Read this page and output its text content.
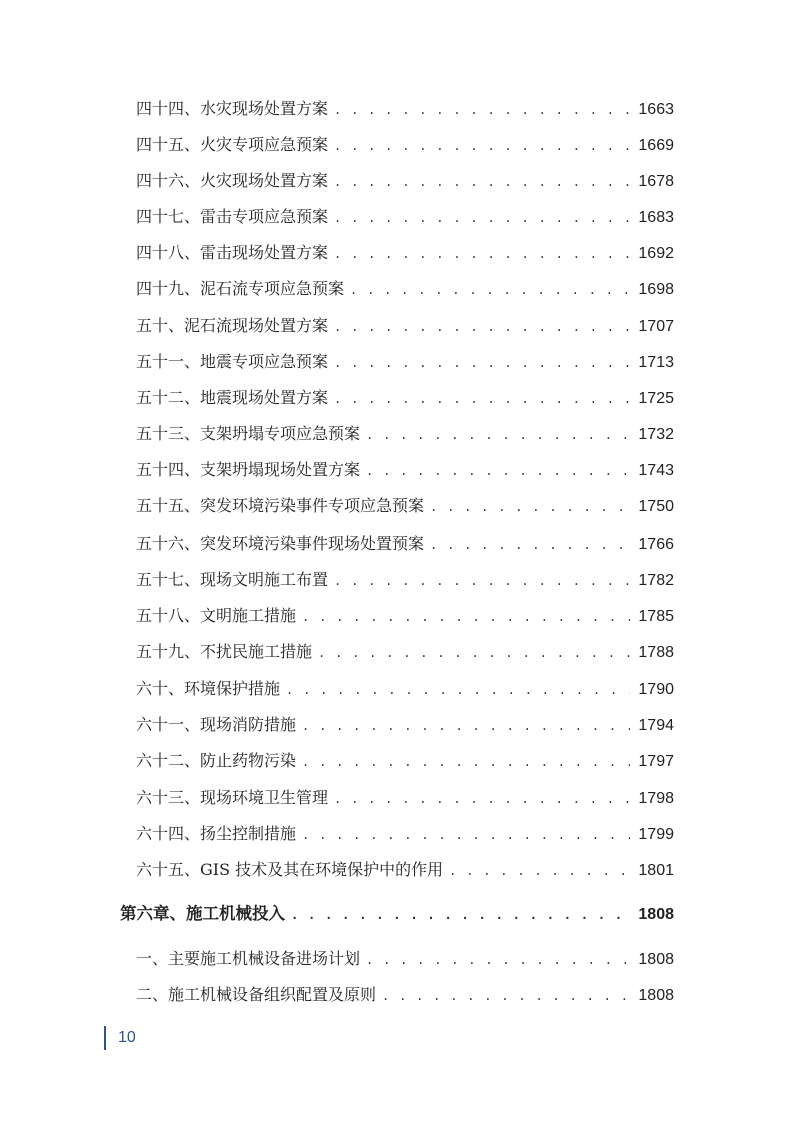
四十四、水灾现场处置方案 . . .	1663
四十五、火灾专项应急预案 . . .	1669
四十六、火灾现场处置方案 . . .	1678
四十七、雷击专项应急预案 . . .	1683
四十八、雷击现场处置方案 . . .	1692
四十九、泥石流专项应急预案 . . .	1698
五十、泥石流现场处置方案 . . .	1707
五十一、地震专项应急预案 . . .	1713
五十二、地震现场处置方案 . . .	1725
五十三、支架坍塌专项应急预案 . . .	1732
五十四、支架坍塌现场处置方案 . . .	1743
五十五、突发环境污染事件专项应急预案 . . .	1750
五十六、突发环境污染事件现场处置预案 . . .	1766
五十七、现场文明施工布置 . . .	1782
五十八、文明施工措施 . . .	1785
五十九、不扰民施工措施 . . .	1788
六十、环境保护措施 . . .	1790
六十一、现场消防措施 . . .	1794
六十二、防止药物污染 . . .	1797
六十三、现场环境卫生管理 . . .	1798
六十四、扬尘控制措施 . . .	1799
六十五、GIS 技术及其在环境保护中的作用 . . .	1801
第六章、施工机械投入 . . .	1808
一、主要施工机械设备进场计划 . . .	1808
二、施工机械设备组织配置及原则 . . .	1808
10
